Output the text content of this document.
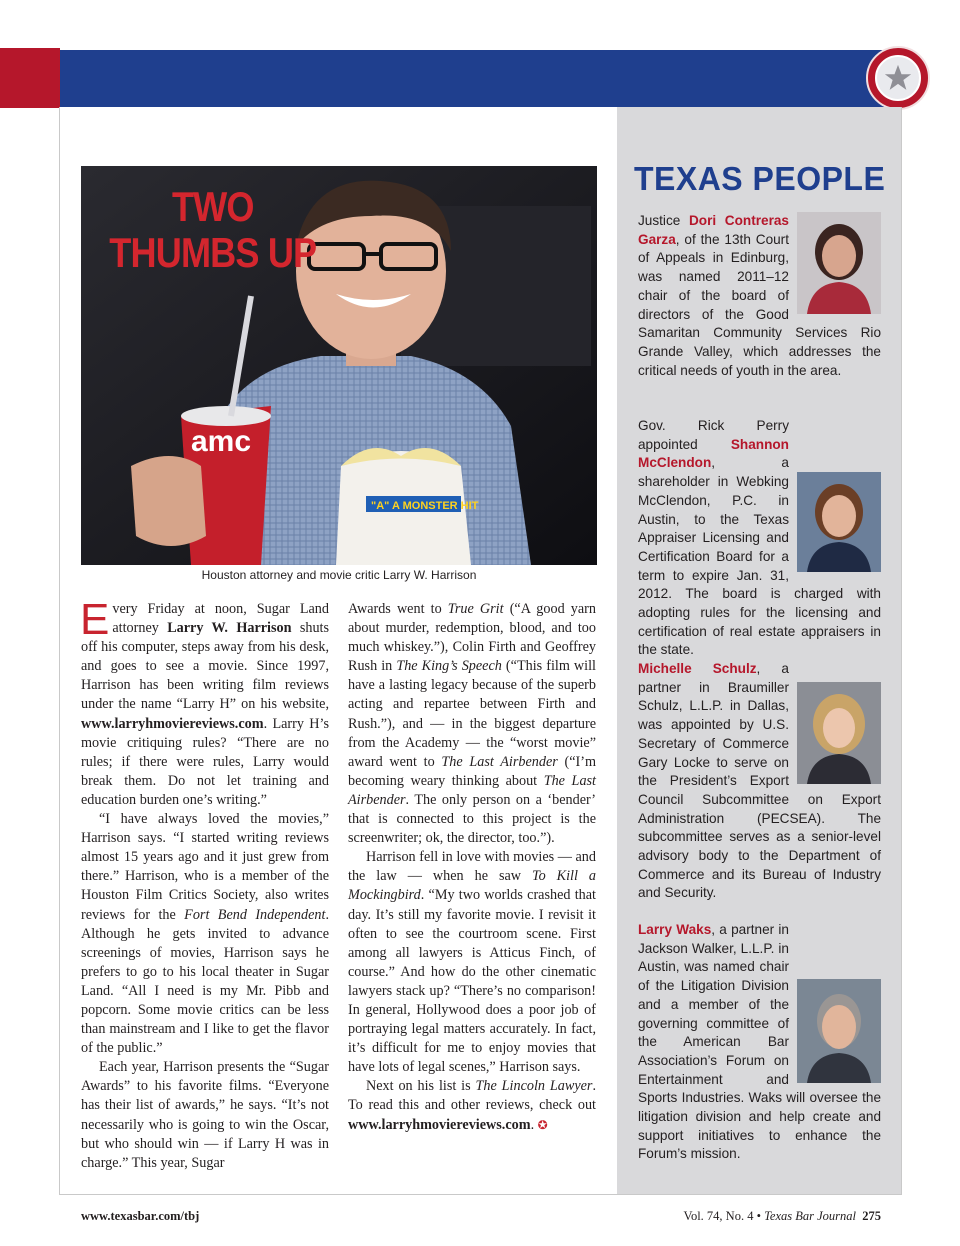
amc
"A" A MONSTER HIT
TWO
THUMBS UP
Houston attorney and movie critic Larry W. Harrison

Every Friday at noon, Sugar Land attorney Larry W. Harrison shuts off his computer, steps away from his desk, and goes to see a movie. Since 1997, Harrison has been writing film reviews under the name “Larry H” on his website, www.larryhmoviereviews.com. Larry H’s movie critiquing rules? “There are no rules; if there were rules, Larry would break them. Do not let training and education burden one’s writing.”

“I have always loved the movies,” Harrison says. “I started writing reviews almost 15 years ago and it just grew from there.” Harrison, who is a member of the Houston Film Critics Society, also writes reviews for the Fort Bend Independent. Although he gets invited to advance screenings of movies, Harrison says he prefers to go to his local theater in Sugar Land. “All I need is my Mr. Pibb and popcorn. Some movie critics can be less than mainstream and I like to get the flavor of the public.”

Each year, Harrison presents the “Sugar Awards” to his favorite films. “Everyone has their list of awards,” he says. “It’s not necessarily who is going to win the Oscar, but who should win — if Larry H was in charge.” This year, Sugar

Awards went to True Grit (“A good yarn about murder, redemption, blood, and too much whiskey.”), Colin Firth and Geoffrey Rush in The King’s Speech (“This film will have a lasting legacy because of the superb acting and repartee between Firth and Rush.”), and — in the biggest departure from the Academy — the “worst movie” award went to The Last Airbender (“I’m becoming weary thinking about The Last Airbender. The only person on a ‘bender’ that is connected to this project is the screenwriter; ok, the director, too.”).

Harrison fell in love with movies — and the law — when he saw To Kill a Mockingbird. “My two worlds crashed that day. It’s still my favorite movie. I revisit it often to see the courtroom scene. First among all lawyers is Atticus Finch, of course.” And how do the other cinematic lawyers stack up? “There’s no comparison! In general, Hollywood does a poor job of portraying legal matters accurately. In fact, it’s difficult for me to enjoy movies that have lots of legal scenes,” Harrison says.

Next on his list is The Lincoln Lawyer. To read this and other reviews, check out www.larryhmoviereviews.com. ✪

TEXAS PEOPLE
Justice Dori Contreras Garza, of the 13th Court of Appeals in Edinburg, was named 2011–12 chair of the board of directors of the Good Samaritan Community Services Rio Grande Valley, which addresses the critical needs of youth in the area.
Gov. Rick Perry appointed Shannon McClendon, a shareholder in Webking McClendon, P.C. in Austin, to the Texas Appraiser Licensing and Certification Board for a term to expire Jan. 31, 2012. The board is charged with adopting rules for the licensing and certification of real estate appraisers in the state.
Michelle Schulz, a partner in Braumiller Schulz, L.L.P. in Dallas, was appointed by U.S. Secretary of Commerce Gary Locke to serve on the President’s Export Council Subcommittee on Export Administration (PECSEA). The subcommittee serves as a senior-level advisory body to the Department of Commerce and its Bureau of Industry and Security.
Larry Waks, a partner in Jackson Walker, L.L.P. in Austin, was named chair of the Litigation Division and a member of the governing committee of the American Bar Association’s Forum on Entertainment and Sports Industries. Waks will oversee the litigation division and help create and support initiatives to enhance the Forum’s mission.
www.texasbar.com/tbj	Vol. 74, No. 4 • Texas Bar Journal 275
